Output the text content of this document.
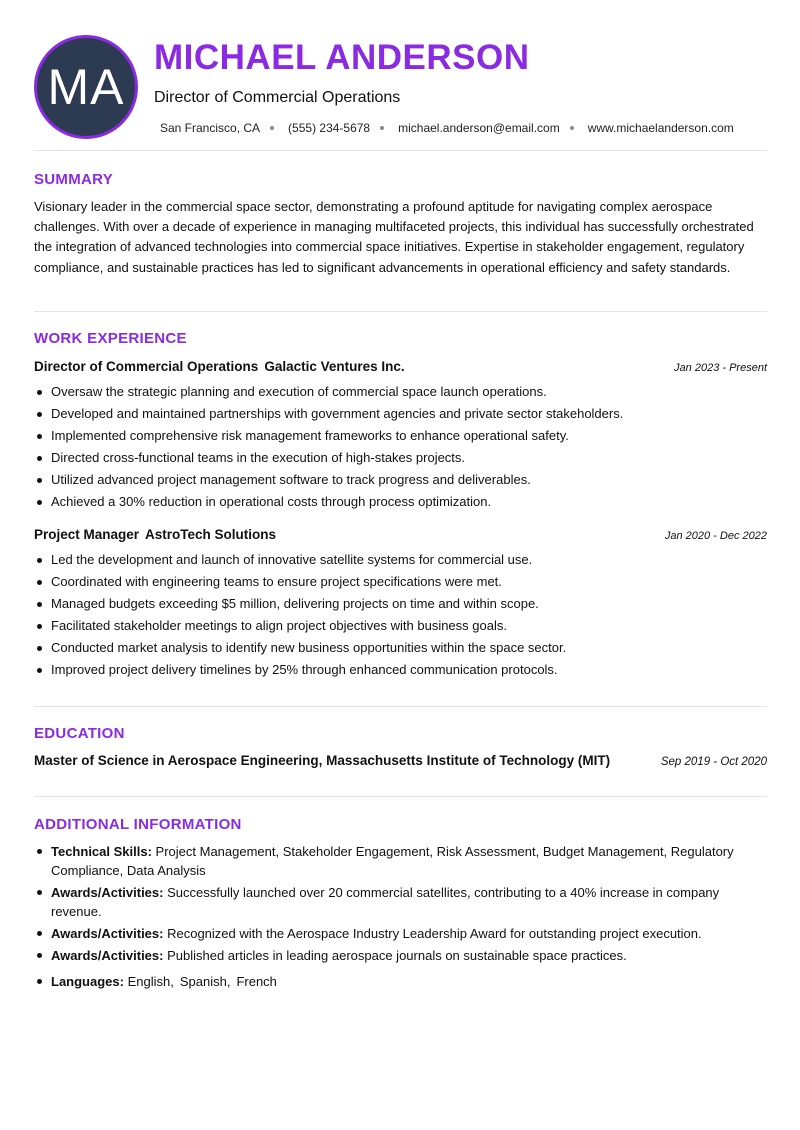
MA
MICHAEL ANDERSON
Director of Commercial Operations
San Francisco, CA (555) 234-5678 michael.anderson@email.com www.michaelanderson.com
SUMMARY
Visionary leader in the commercial space sector, demonstrating a profound aptitude for navigating complex aerospace challenges. With over a decade of experience in managing multifaceted projects, this individual has successfully orchestrated the integration of advanced technologies into commercial space initiatives. Expertise in stakeholder engagement, regulatory compliance, and sustainable practices has led to significant advancements in operational efficiency and safety standards.
WORK EXPERIENCE
Director of Commercial Operations Galactic Ventures Inc.	Jan 2023 - Present
Oversaw the strategic planning and execution of commercial space launch operations.
Developed and maintained partnerships with government agencies and private sector stakeholders.
Implemented comprehensive risk management frameworks to enhance operational safety.
Directed cross-functional teams in the execution of high-stakes projects.
Utilized advanced project management software to track progress and deliverables.
Achieved a 30% reduction in operational costs through process optimization.
Project Manager AstroTech Solutions	Jan 2020 - Dec 2022
Led the development and launch of innovative satellite systems for commercial use.
Coordinated with engineering teams to ensure project specifications were met.
Managed budgets exceeding $5 million, delivering projects on time and within scope.
Facilitated stakeholder meetings to align project objectives with business goals.
Conducted market analysis to identify new business opportunities within the space sector.
Improved project delivery timelines by 25% through enhanced communication protocols.
EDUCATION
Master of Science in Aerospace Engineering, Massachusetts Institute of Technology (MIT)	Sep 2019 - Oct 2020
ADDITIONAL INFORMATION
Technical Skills: Project Management, Stakeholder Engagement, Risk Assessment, Budget Management, Regulatory Compliance, Data Analysis
Awards/Activities: Successfully launched over 20 commercial satellites, contributing to a 40% increase in company revenue.
Awards/Activities: Recognized with the Aerospace Industry Leadership Award for outstanding project execution.
Awards/Activities: Published articles in leading aerospace journals on sustainable space practices.
Languages: English, Spanish, French
